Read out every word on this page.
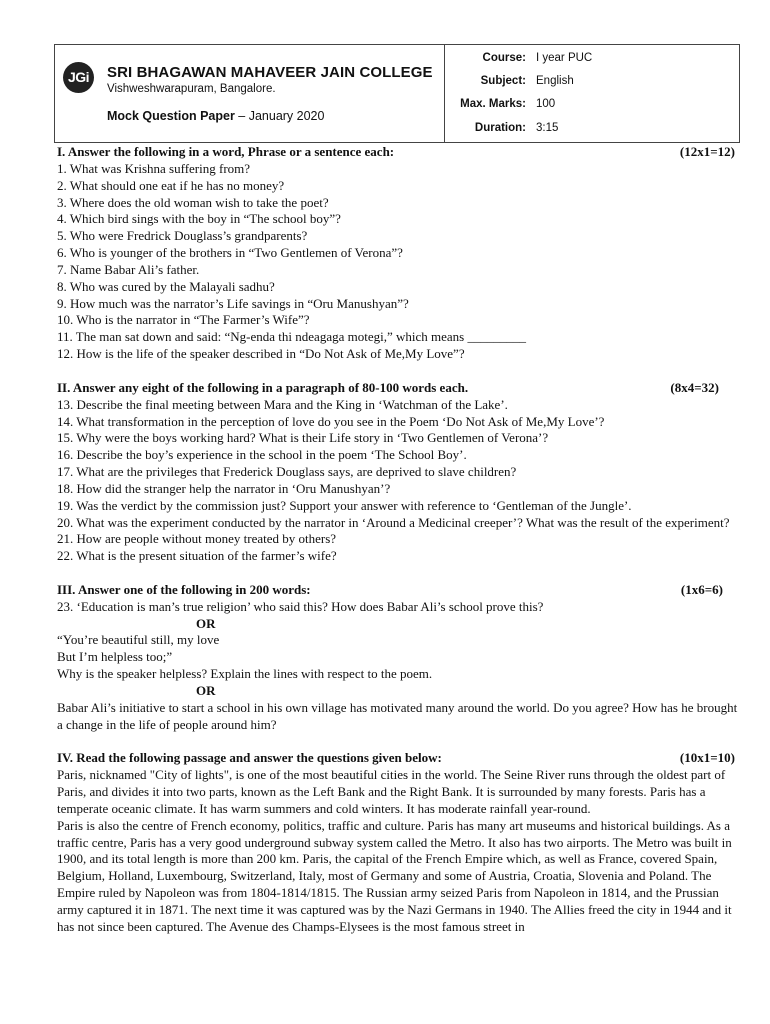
JGi	SRI BHAGAWAN MAHAVEER JAIN COLLEGE
Vishweshwarapuram, Bangalore.
Mock Question Paper – January 2020
Course: I year PUC
Subject: English
Max. Marks: 100
Duration: 3:15

I. Answer the following in a word, Phrase or a sentence each:	(12x1=12)

1. What was Krishna suffering from?

2. What should one eat if he has no money?

3. Where does the old woman wish to take the poet?

4. Which bird sings with the boy in “The school boy”?

5. Who were Fredrick Douglass’s grandparents?

6. Who is younger of the brothers in “Two Gentlemen of Verona”?

7. Name Babar Ali’s father.

8. Who was cured by the Malayali sadhu?

9. How much was the narrator’s Life savings in “Oru Manushyan”?

10. Who is the narrator in “The Farmer’s Wife”?

11. The man sat down and said: “Ng-enda thi ndeagaga motegi,” which means _________

12. How is the life of the speaker described in “Do Not Ask of Me,My Love”?

II. Answer any eight of the following in a paragraph of 80-100 words each.	(8x4=32)

13. Describe the final meeting between Mara and the King in ‘Watchman of the Lake’.

14. What transformation in the perception of love do you see in the Poem ‘Do Not Ask of Me,My Love’?

15. Why were the boys working hard? What is their Life story in ‘Two Gentlemen of Verona’?

16. Describe the boy’s experience in the school in the poem ‘The School Boy’.

17. What are the privileges that Frederick Douglass says, are deprived to slave children?

18. How did the stranger help the narrator in ‘Oru Manushyan’?

19. Was the verdict by the commission just? Support your answer with reference to ‘Gentleman of the Jungle’.

20. What was the experiment conducted by the narrator in ‘Around a Medicinal creeper’? What was the result of the experiment?

21. How are people without money treated by others?

22. What is the present situation of the farmer’s wife?

III. Answer one of the following in 200 words:	(1x6=6)

23. ‘Education is man’s true religion’ who said this? How does Babar Ali’s school prove this?

OR

“You’re beautiful still, my love

But I’m helpless too;”

Why is the speaker helpless? Explain the lines with respect to the poem.

OR

Babar Ali’s initiative to start a school in his own village has motivated many around the world. Do you agree? How has he brought a change in the life of people around him?

IV. Read the following passage and answer the questions given below:	(10x1=10)

Paris, nicknamed "City of lights", is one of the most beautiful cities in the world. The Seine River runs through the oldest part of Paris, and divides it into two parts, known as the Left Bank and the Right Bank. It is surrounded by many forests. Paris has a temperate oceanic climate. It has warm summers and cold winters. It has moderate rainfall year-round.

Paris is also the centre of French economy, politics, traffic and culture. Paris has many art museums and historical buildings. As a traffic centre, Paris has a very good underground subway system called the Metro. It also has two airports. The Metro was built in 1900, and its total length is more than 200 km. Paris, the capital of the French Empire which, as well as France, covered Spain, Belgium, Holland, Luxembourg, Switzerland, Italy, most of Germany and some of Austria, Croatia, Slovenia and Poland. The Empire ruled by Napoleon was from 1804-1814/1815. The Russian army seized Paris from Napoleon in 1814, and the Prussian army captured it in 1871. The next time it was captured was by the Nazi Germans in 1940. The Allies freed the city in 1944 and it has not since been captured. The Avenue des Champs-Elysees is the most famous street in
